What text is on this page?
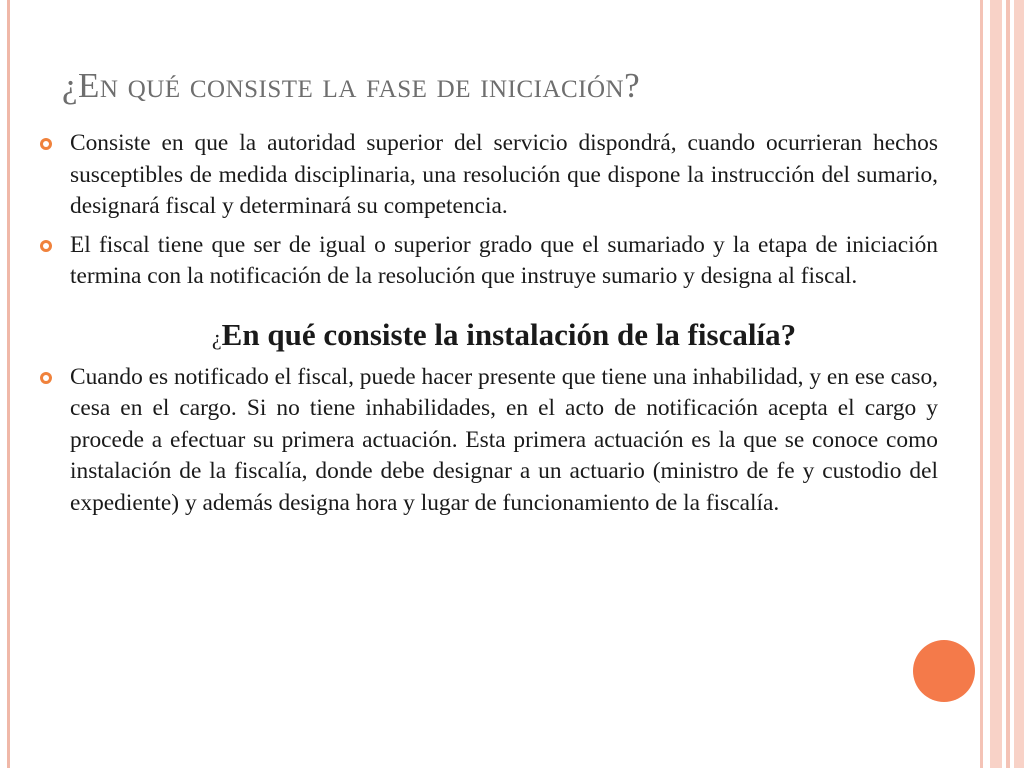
¿En qué consiste la fase de iniciación?

Consiste en que la autoridad superior del servicio dispondrá, cuando ocurrieran hechos susceptibles de medida disciplinaria, una resolución que dispone la instrucción del sumario, designará fiscal y determinará su competencia.

El fiscal tiene que ser de igual o superior grado que el sumariado y la etapa de iniciación termina con la notificación de la resolución que instruye sumario y designa al fiscal.

¿En qué consiste la instalación de la fiscalía?

Cuando es notificado el fiscal, puede hacer presente que tiene una inhabilidad, y en ese caso, cesa en el cargo. Si no tiene inhabilidades, en el acto de notificación acepta el cargo y procede a efectuar su primera actuación. Esta primera actuación es la que se conoce como instalación de la fiscalía, donde debe designar a un actuario (ministro de fe y custodio del expediente) y además designa hora y lugar de funcionamiento de la fiscalía.
